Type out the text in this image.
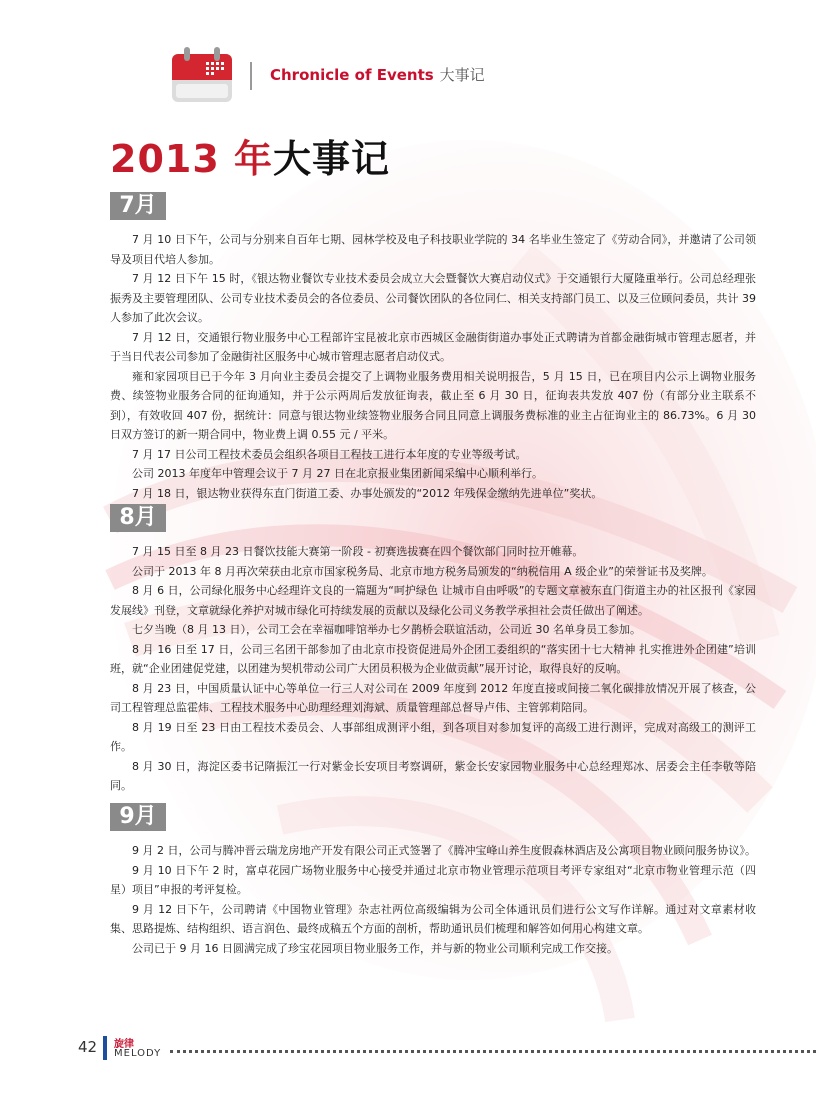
Chronicle of Events 大事记
2013 年大事记
7月

7 月 10 日下午，公司与分别来自百年七期、园林学校及电子科技职业学院的 34 名毕业生签定了《劳动合同》，并邀请了公司领导及项目代培人参加。

7 月 12 日下午 15 时，《银达物业餐饮专业技术委员会成立大会暨餐饮大赛启动仪式》于交通银行大厦隆重举行。公司总经理张振秀及主要管理团队、公司专业技术委员会的各位委员、公司餐饮团队的各位同仁、相关支持部门员工、以及三位顾问委员，共计 39 人参加了此次会议。

7 月 12 日，交通银行物业服务中心工程部许宝昆被北京市西城区金融街街道办事处正式聘请为首都金融街城市管理志愿者，并于当日代表公司参加了金融街社区服务中心城市管理志愿者启动仪式。

雍和家园项目已于今年 3 月向业主委员会提交了上调物业服务费用相关说明报告，5 月 15 日，已在项目内公示上调物业服务费、续签物业服务合同的征询通知，并于公示两周后发放征询表，截止至 6 月 30 日，征询表共发放 407 份（有部分业主联系不到），有效收回 407 份，据统计：同意与银达物业续签物业服务合同且同意上调服务费标准的业主占征询业主的 86.73%。6 月 30 日双方签订的新一期合同中，物业费上调 0.55 元 / 平米。

7 月 17 日公司工程技术委员会组织各项目工程技工进行本年度的专业等级考试。

公司 2013 年度年中管理会议于 7 月 27 日在北京报业集团新闻采编中心顺利举行。

7 月 18 日，银达物业获得东直门街道工委、办事处颁发的“2012 年残保金缴纳先进单位”奖状。

8月

7 月 15 日至 8 月 23 日餐饮技能大赛第一阶段 - 初赛选拔赛在四个餐饮部门同时拉开帷幕。

公司于 2013 年 8 月再次荣获由北京市国家税务局、北京市地方税务局颁发的“纳税信用 A 级企业”的荣誉证书及奖牌。

8 月 6 日，公司绿化服务中心经理许文良的一篇题为“呵护绿色 让城市自由呼吸”的专题文章被东直门街道主办的社区报刊《家园发展线》刊登，文章就绿化养护对城市绿化可持续发展的贡献以及绿化公司义务教学承担社会责任做出了阐述。

七夕当晚（8 月 13 日），公司工会在幸福咖啡馆举办七夕鹊桥会联谊活动，公司近 30 名单身员工参加。

8 月 16 日至 17 日，公司三名团干部参加了由北京市投资促进局外企团工委组织的“落实团十七大精神 扎实推进外企团建”培训班，就“企业团建促党建，以团建为契机带动公司广大团员积极为企业做贡献”展开讨论，取得良好的反响。

8 月 23 日，中国质量认证中心等单位一行三人对公司在 2009 年度到 2012 年度直接或间接二氧化碳排放情况开展了核查，公司工程管理总监霍炜、工程技术服务中心助理经理刘海斌、质量管理部总督导卢伟、主管郭莉陪同。

8 月 19 日至 23 日由工程技术委员会、人事部组成测评小组，到各项目对参加复评的高级工进行测评，完成对高级工的测评工作。

8 月 30 日，海淀区委书记隋振江一行对紫金长安项目考察调研，紫金长安家园物业服务中心总经理郑冰、居委会主任李敬等陪同。

9月

9 月 2 日，公司与腾冲晋云瑞龙房地产开发有限公司正式签署了《腾冲宝峰山养生度假森林酒店及公寓项目物业顾问服务协议》。

9 月 10 日下午 2 时，富卓花园广场物业服务中心接受并通过北京市物业管理示范项目考评专家组对“北京市物业管理示范（四星）项目”申报的考评复检。

9 月 12 日下午，公司聘请《中国物业管理》杂志社两位高级编辑为公司全体通讯员们进行公文写作详解。通过对文章素材收集、思路提炼、结构组织、语言润色、最终成稿五个方面的剖析，帮助通讯员们梳理和解答如何用心构建文章。

公司已于 9 月 16 日圆满完成了珍宝花园项目物业服务工作，并与新的物业公司顺利完成工作交接。

42 旋律
MELODY
